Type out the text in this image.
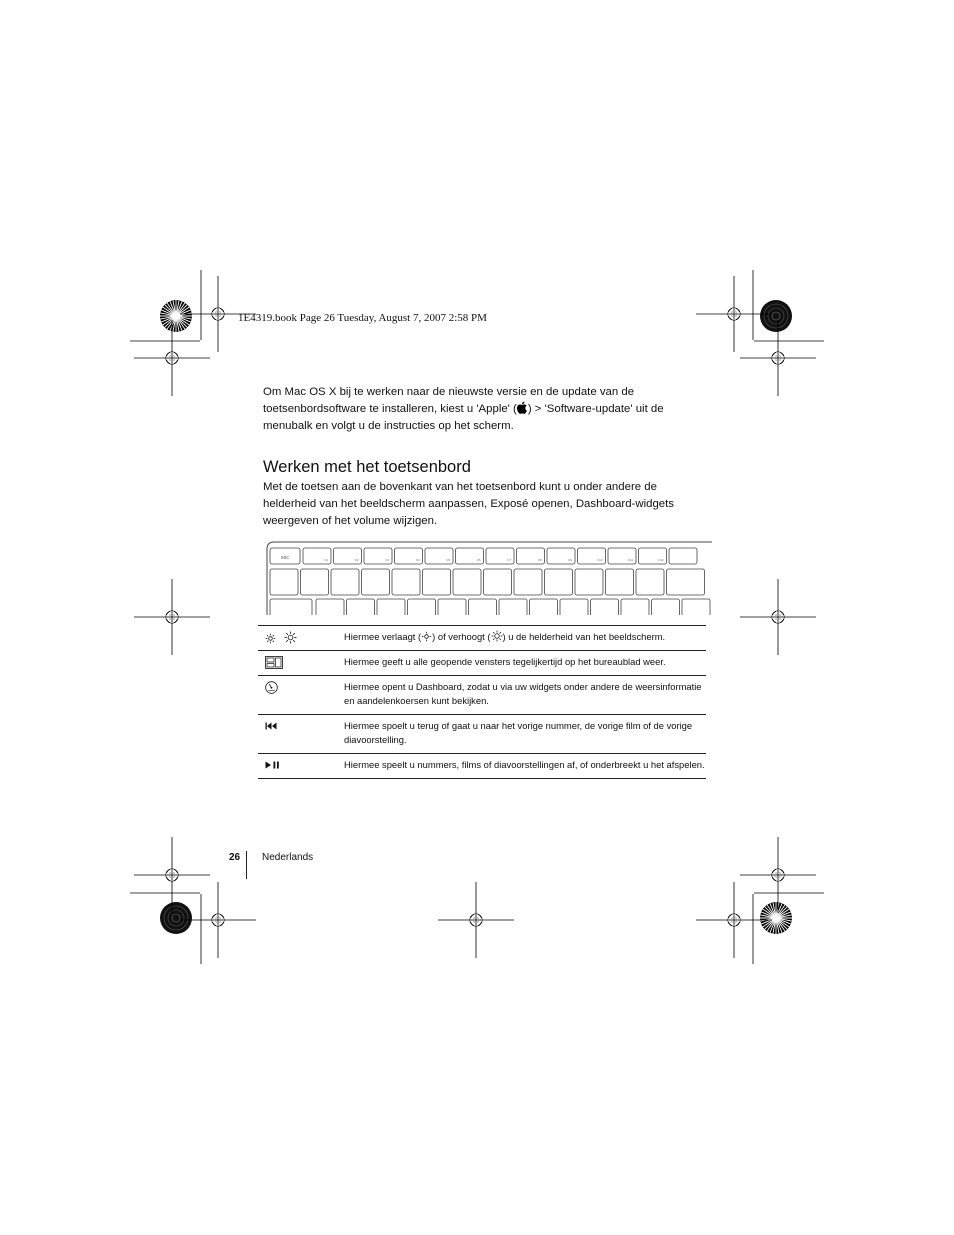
1E4319.book Page 26 Tuesday, August 7, 2007 2:58 PM

Om Mac OS X bij te werken naar de nieuwste versie en de update van de toetsenbordsoftware te installeren, kiest u 'Apple' ( ) > 'Software-update' uit de menubalk en volgt u de instructies op het scherm.

Werken met het toetsenbord

Met de toetsen aan de bovenkant van het toetsenbord kunt u onder andere de helderheid van het beeldscherm aanpassen, Exposé openen, Dashboard-widgets weergeven of het volume wijzigen.

F1	F2	F3	F4	F5	F6	F7	F8	F9	F10	F11	F12
esc
	Hiermee verlaagt ( ) of verhoogt ( ) u de helderheid van het beeldscherm.
	Hiermee geeft u alle geopende vensters tegelijkertijd op het bureaublad weer.
	Hiermee opent u Dashboard, zodat u via uw widgets onder andere de weersinformatie en aandelenkoersen kunt bekijken.
	Hiermee spoelt u terug of gaat u naar het vorige nummer, de vorige film of de vorige diavoorstelling.
	Hiermee speelt u nummers, films of diavoorstellingen af, of onderbreekt u het afspelen.
26 Nederlands
